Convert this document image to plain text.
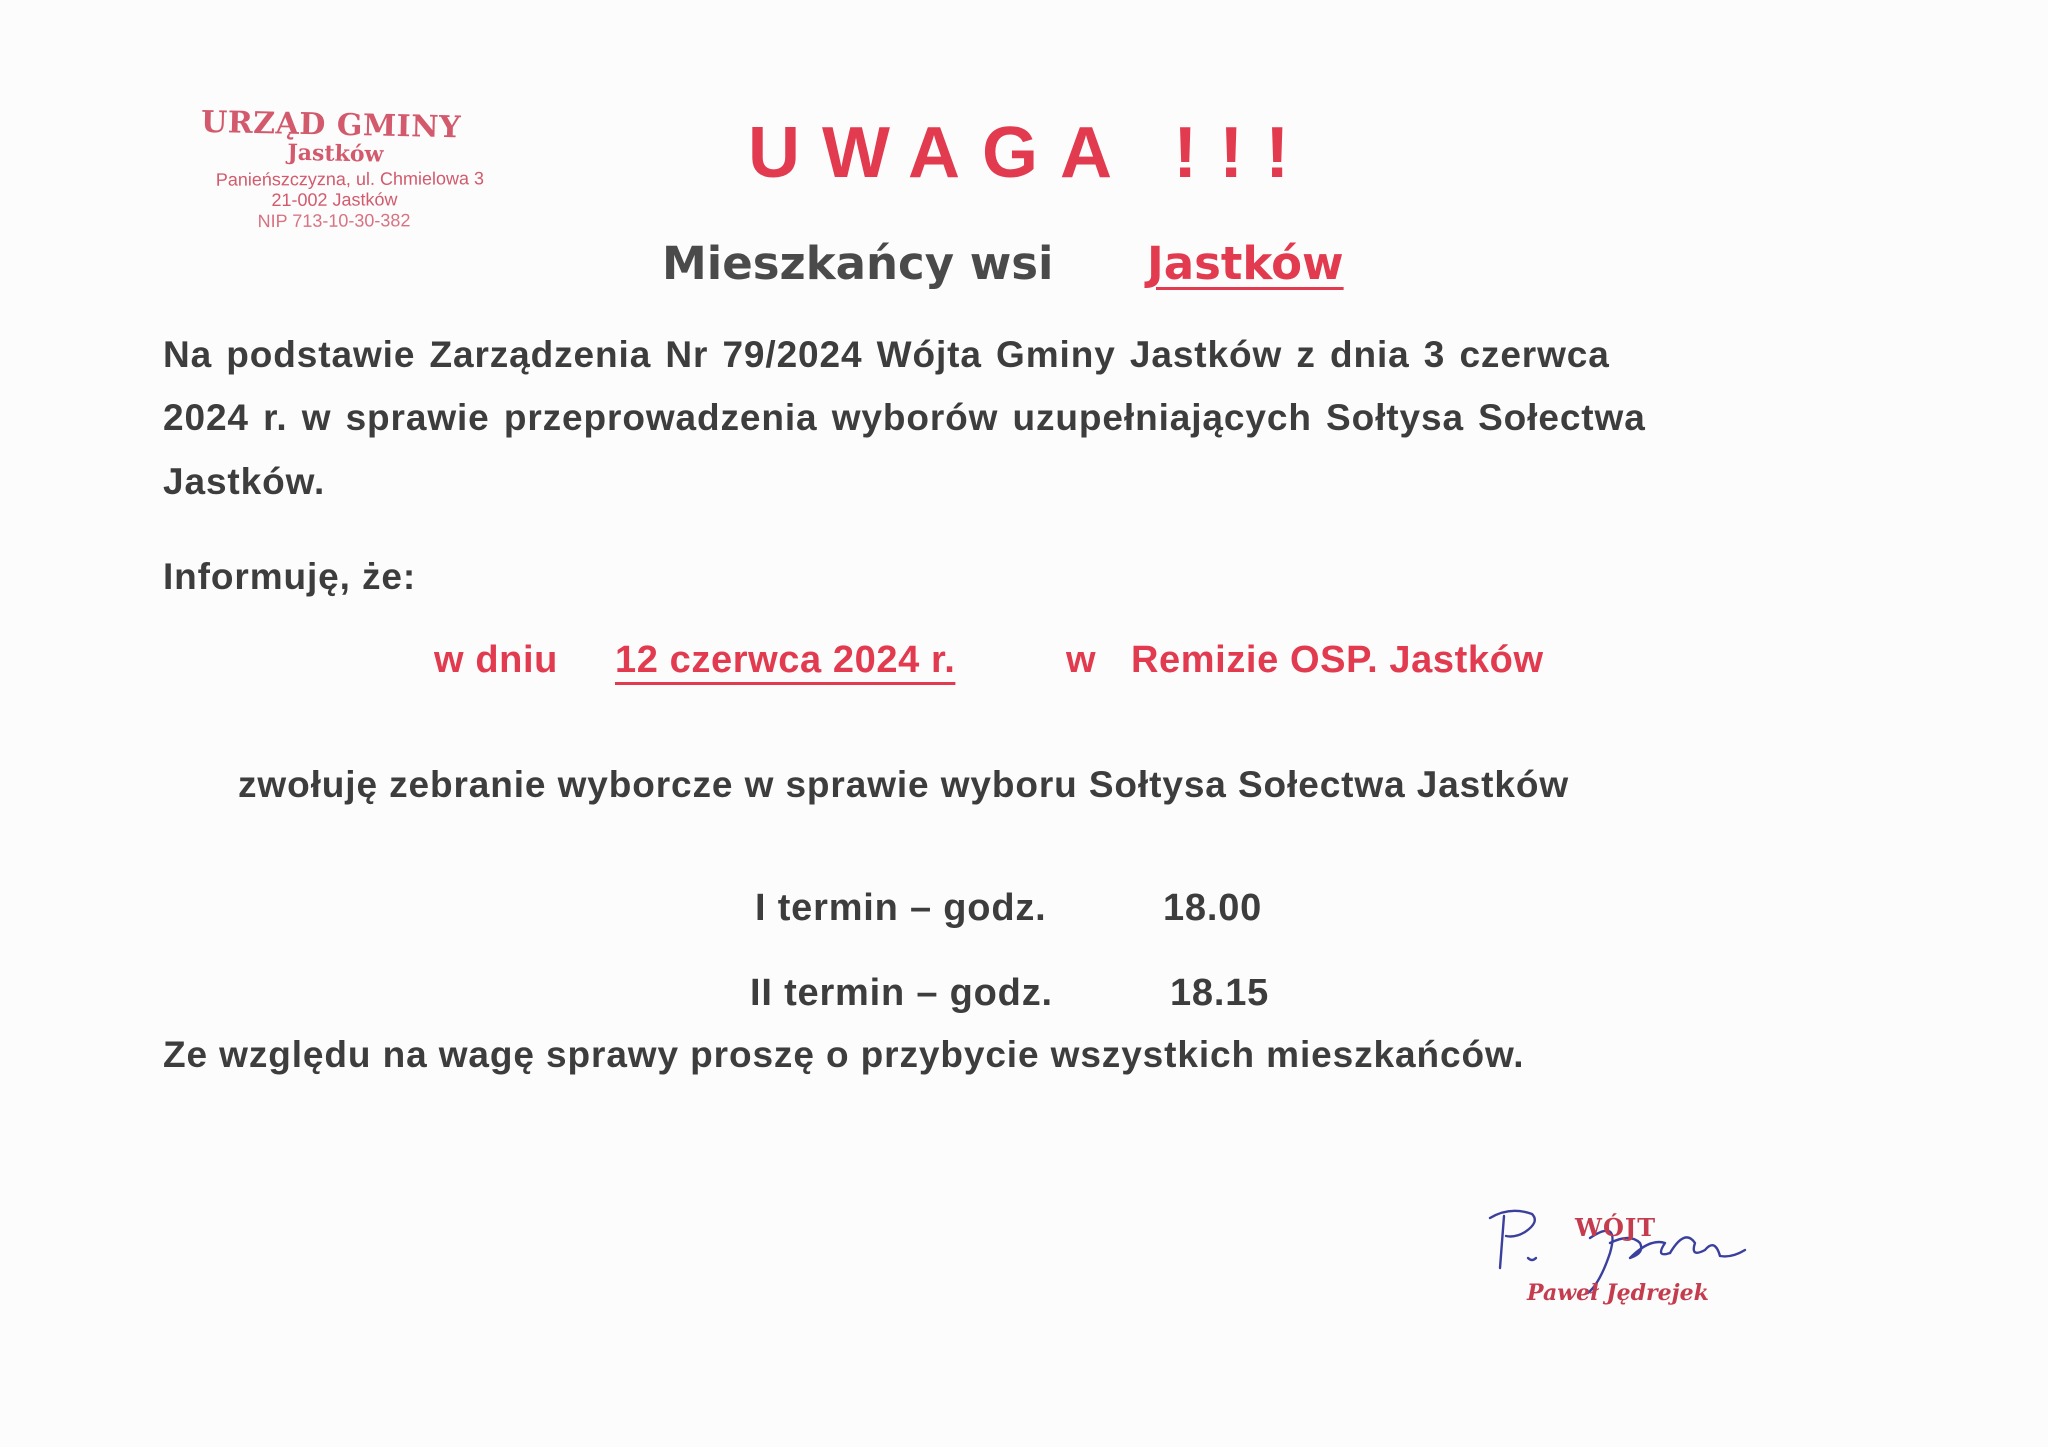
URZĄD GMINY
Jastków
Panieńszczyzna, ul. Chmielowa 3
21-002 Jastków
NIP 713-10-30-382
UWAGA !!!
Mieszkańcy wsi Jastków
Na podstawie Zarządzenia Nr 79/2024 Wójta Gminy Jastków z dnia 3 czerwca
2024 r. w sprawie przeprowadzenia wyborów uzupełniających Sołtysa Sołectwa
Jastków.
Informuję, że:
w dniu 12 czerwca 2024 r.	w Remizie OSP. Jastków
zwołuję zebranie wyborcze w sprawie wyboru Sołtysa Sołectwa Jastków
I termin – godz.	18.00
II termin – godz.	18.15
Ze względu na wagę sprawy proszę o przybycie wszystkich mieszkańców.
WÓJT
Paweł Jędrejek
